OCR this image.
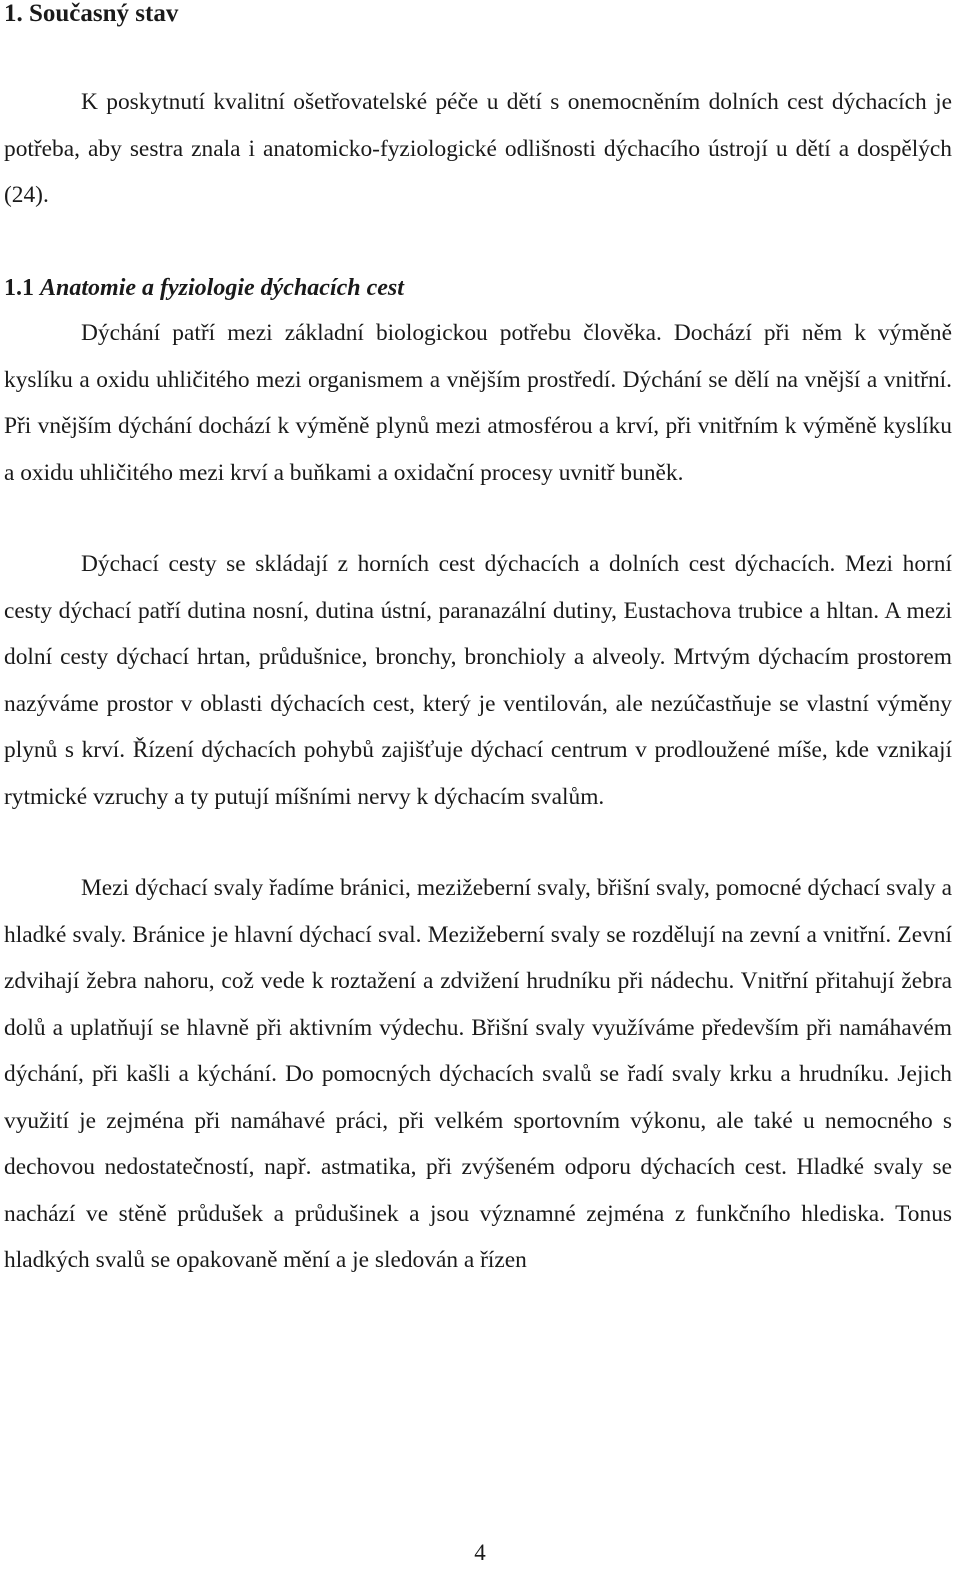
1. Současný stav

K poskytnutí kvalitní ošetřovatelské péče u dětí s onemocněním dolních cest dýchacích je potřeba, aby sestra znala i anatomicko-fyziologické odlišnosti dýchacího ústrojí u dětí a dospělých (24).

1.1 Anatomie a fyziologie dýchacích cest

Dýchání patří mezi základní biologickou potřebu člověka. Dochází při něm k výměně kyslíku a oxidu uhličitého mezi organismem a vnějším prostředí. Dýchání se dělí na vnější a vnitřní. Při vnějším dýchání dochází k výměně plynů mezi atmosférou a krví, při vnitřním k výměně kyslíku a oxidu uhličitého mezi krví a buňkami a oxidační procesy uvnitř buněk.

Dýchací cesty se skládají z horních cest dýchacích a dolních cest dýchacích. Mezi horní cesty dýchací patří dutina nosní, dutina ústní, paranazální dutiny, Eustachova trubice a hltan. A mezi dolní cesty dýchací hrtan, průdušnice, bronchy, bronchioly a alveoly. Mrtvým dýchacím prostorem nazýváme prostor v oblasti dýchacích cest, který je ventilován, ale nezúčastňuje se vlastní výměny plynů s krví. Řízení dýchacích pohybů zajišťuje dýchací centrum v prodloužené míše, kde vznikají rytmické vzruchy a ty putují míšními nervy k dýchacím svalům.

Mezi dýchací svaly řadíme bránici, mezižeberní svaly, břišní svaly, pomocné dýchací svaly a hladké svaly. Bránice je hlavní dýchací sval. Mezižeberní svaly se rozdělují na zevní a vnitřní. Zevní zdvihají žebra nahoru, což vede k roztažení a zdvižení hrudníku při nádechu. Vnitřní přitahují žebra dolů a uplatňují se hlavně při aktivním výdechu. Břišní svaly využíváme především při namáhavém dýchání, při kašli a kýchání. Do pomocných dýchacích svalů se řadí svaly krku a hrudníku. Jejich využití je zejména při namáhavé práci, při velkém sportovním výkonu, ale také u nemocného s dechovou nedostatečností, např. astmatika, při zvýšeném odporu dýchacích cest. Hladké svaly se nachází ve stěně průdušek a průdušinek a jsou významné zejména z funkčního hlediska. Tonus hladkých svalů se opakovaně mění a je sledován a řízen

4
